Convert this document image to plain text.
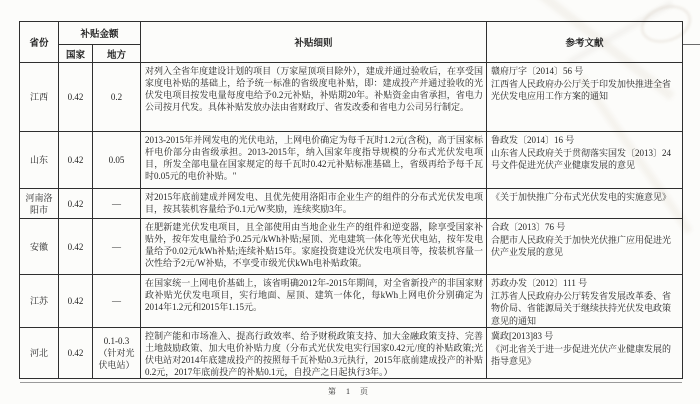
省份	补贴金额		补贴细则	参考文献
	国家	地方		
江西	0.42	0.2	对列入全省年度建设计划的项目（万家屋顶项目除外），建成并通过验收后，在享受国家度电补贴的基础上，给予统一标准的省级度电补贴，即：建成投产并通过验收的光伏发电项目按发电量每度电给予0.2元补贴，补贴期20年。补贴资金由省承担，省电力公司按月代发。具体补贴发放办法由省财政厅、省发改委和省电力公司另行制定。	赣府厅字〔2014〕56 号
江西省人民政府办公厅关于印发加快推进全省光伏发电应用工作方案的通知

山东	0.42	0.05	2013-2015年并网发电的光伏电站，上网电价确定为每千瓦时1.2元(含税)，高于国家标杆电价部分由省级承担。2013-2015年，纳入国家年度指导规模的分布式光伏发电项目，所发全部电量在国家规定的每千瓦时0.42元补贴标准基础上，省级再给予每千瓦时0.05元的电价补贴。"	鲁政发〔2014〕16 号
山东省人民政府关于贯彻落实国发〔2013〕24号文件促进光伏产业健康发展的意见

河南洛阳市	0.42	—	对2015年底前建成并网发电、且优先使用洛阳市企业生产的组件的分布式光伏发电项目，按其装机容量给予0.1元/W奖励，连续奖励3年。	《关于加快推广分布式光伏发电的实施意见》

安徽	0.42	—	在肥新建光伏发电项目，且全部使用由当地企业生产的组件和逆变器，除享受国家补贴外，按年发电量给予0.25元/kWh补贴;屋顶、光电建筑一体化等光伏电站，按年发电量给予0.02元/kWh补贴;连续补贴15年。家庭投资建设光伏发电项目等，按装机容量一次性给予2元/W补贴，不享受市级光伏kWh电补贴政策。	合政〔2013〕76 号
合肥市人民政府关于加快光伏推广应用促进光伏产业发展的意见

江苏	0.42	—	在国家统一上网电价基础上，该省明确2012年-2015年期间，对全省新投产的非国家财政补贴光伏发电项目，实行地面、屋顶、建筑一体化，每kWh上网电价分别确定为2014年1.2元和2015年1.15元。	苏政办发〔2012〕111 号
江苏省人民政府办公厅转发省发展改革委、省物价局、省能源局关于继续扶持光伏发电政策意见的通知

河北	0.42	0.1-0.3（针对光伏电站）	控制产能和市场准入、提高行政效率、给予财税政策支持、加大金融政策支持、完善土地鼓励政策、加大电价补贴力度（分布式光伏发电实行国家0.42元/度的补贴政策;光伏电站对2014年底建成投产的按照每千瓦补贴0.3元执行，2015年底前建成投产的补贴0.2元，2017年底前投产的补贴0.1元，自投产之日起执行3年。）	冀政[2013]83 号
《河北省关于进一步促进光伏产业健康发展的指导意见》
第 1 页
